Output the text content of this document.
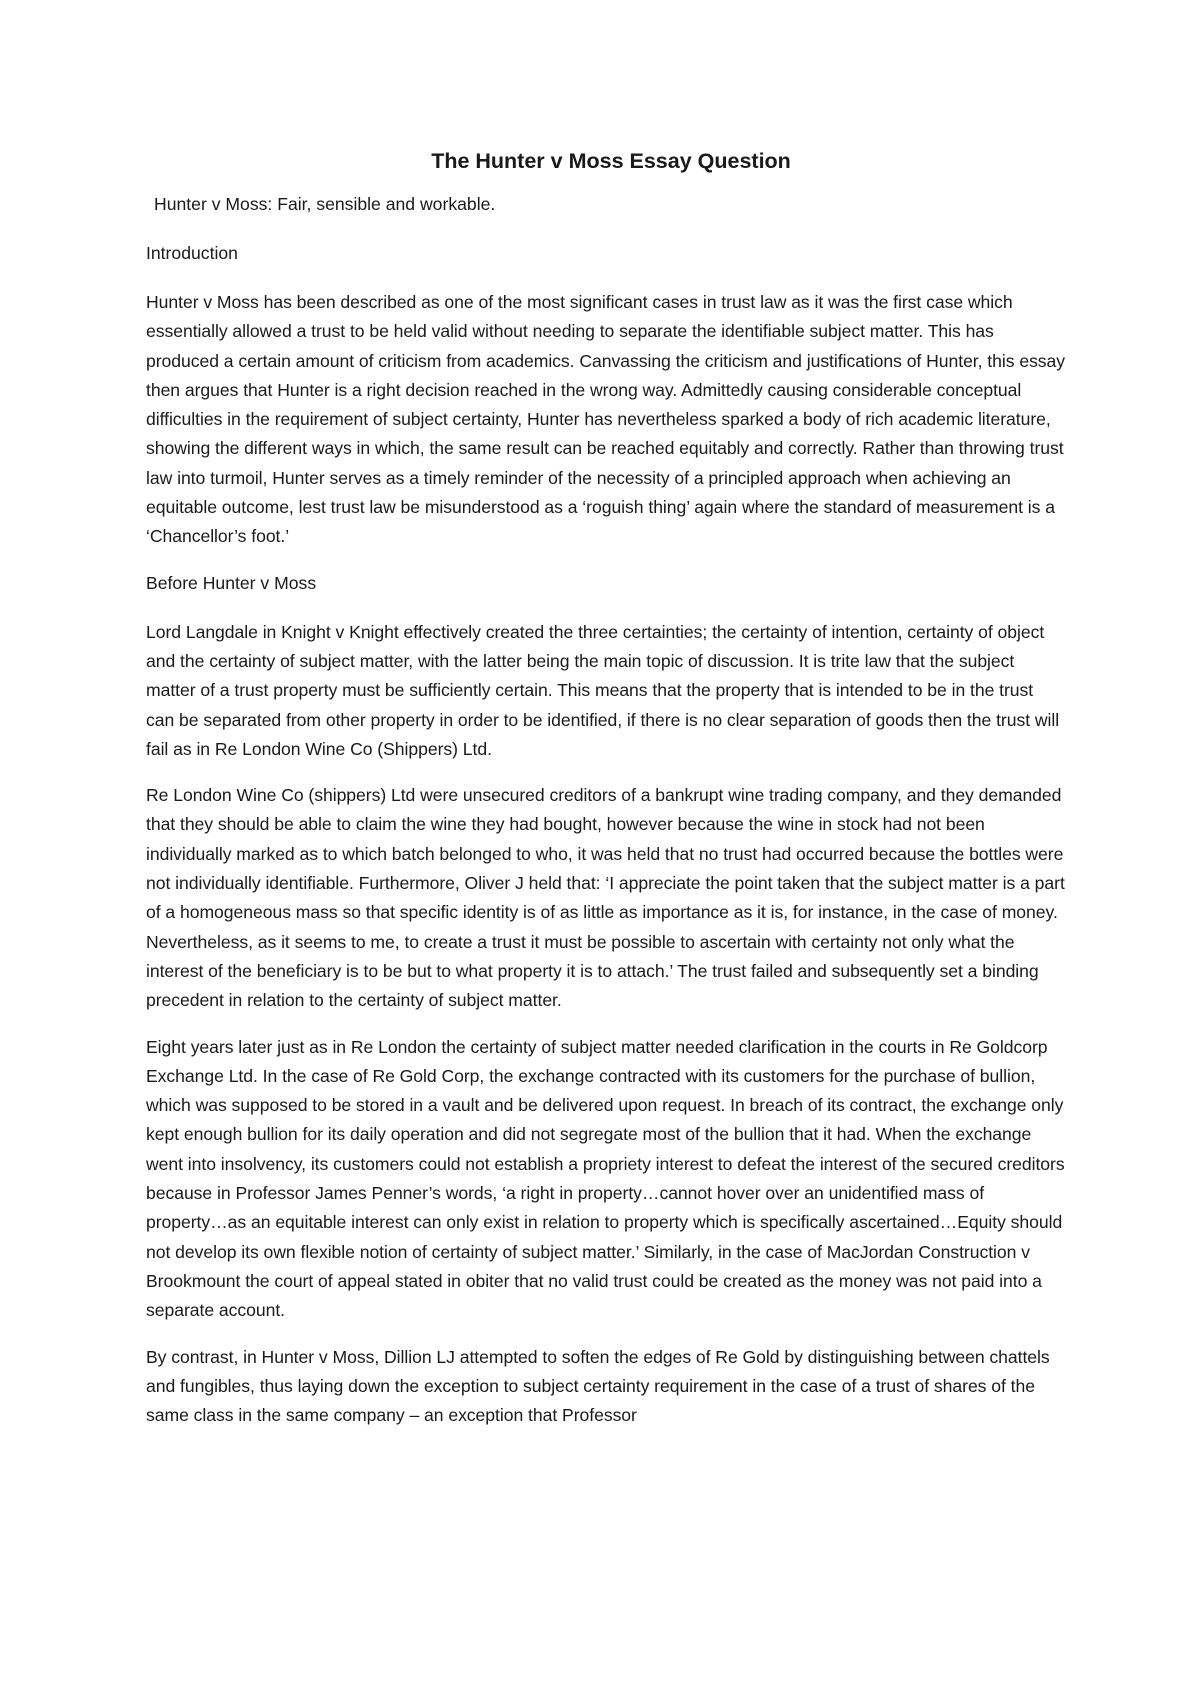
The Hunter v Moss Essay Question

Hunter v Moss: Fair, sensible and workable.

Introduction

Hunter v Moss has been described as one of the most significant cases in trust law as it was the first case which essentially allowed a trust to be held valid without needing to separate the identifiable subject matter. This has produced a certain amount of criticism from academics. Canvassing the criticism and justifications of Hunter, this essay then argues that Hunter is a right decision reached in the wrong way. Admittedly causing considerable conceptual difficulties in the requirement of subject certainty, Hunter has nevertheless sparked a body of rich academic literature, showing the different ways in which, the same result can be reached equitably and correctly. Rather than throwing trust law into turmoil, Hunter serves as a timely reminder of the necessity of a principled approach when achieving an equitable outcome, lest trust law be misunderstood as a ‘roguish thing’ again where the standard of measurement is a ‘Chancellor’s foot.’

Before Hunter v Moss

Lord Langdale in Knight v Knight effectively created the three certainties; the certainty of intention, certainty of object and the certainty of subject matter, with the latter being the main topic of discussion. It is trite law that the subject matter of a trust property must be sufficiently certain. This means that the property that is intended to be in the trust can be separated from other property in order to be identified, if there is no clear separation of goods then the trust will fail as in Re London Wine Co (Shippers) Ltd.

Re London Wine Co (shippers) Ltd were unsecured creditors of a bankrupt wine trading company, and they demanded that they should be able to claim the wine they had bought, however because the wine in stock had not been individually marked as to which batch belonged to who, it was held that no trust had occurred because the bottles were not individually identifiable. Furthermore, Oliver J held that: ‘I appreciate the point taken that the subject matter is a part of a homogeneous mass so that specific identity is of as little as importance as it is, for instance, in the case of money. Nevertheless, as it seems to me, to create a trust it must be possible to ascertain with certainty not only what the interest of the beneficiary is to be but to what property it is to attach.’ The trust failed and subsequently set a binding precedent in relation to the certainty of subject matter.

Eight years later just as in Re London the certainty of subject matter needed clarification in the courts in Re Goldcorp Exchange Ltd. In the case of Re Gold Corp, the exchange contracted with its customers for the purchase of bullion, which was supposed to be stored in a vault and be delivered upon request. In breach of its contract, the exchange only kept enough bullion for its daily operation and did not segregate most of the bullion that it had. When the exchange went into insolvency, its customers could not establish a propriety interest to defeat the interest of the secured creditors because in Professor James Penner’s words, ‘a right in property…cannot hover over an unidentified mass of property…as an equitable interest can only exist in relation to property which is specifically ascertained…Equity should not develop its own flexible notion of certainty of subject matter.’ Similarly, in the case of MacJordan Construction v Brookmount the court of appeal stated in obiter that no valid trust could be created as the money was not paid into a separate account.

By contrast, in Hunter v Moss, Dillion LJ attempted to soften the edges of Re Gold by distinguishing between chattels and fungibles, thus laying down the exception to subject certainty requirement in the case of a trust of shares of the same class in the same company – an exception that Professor
